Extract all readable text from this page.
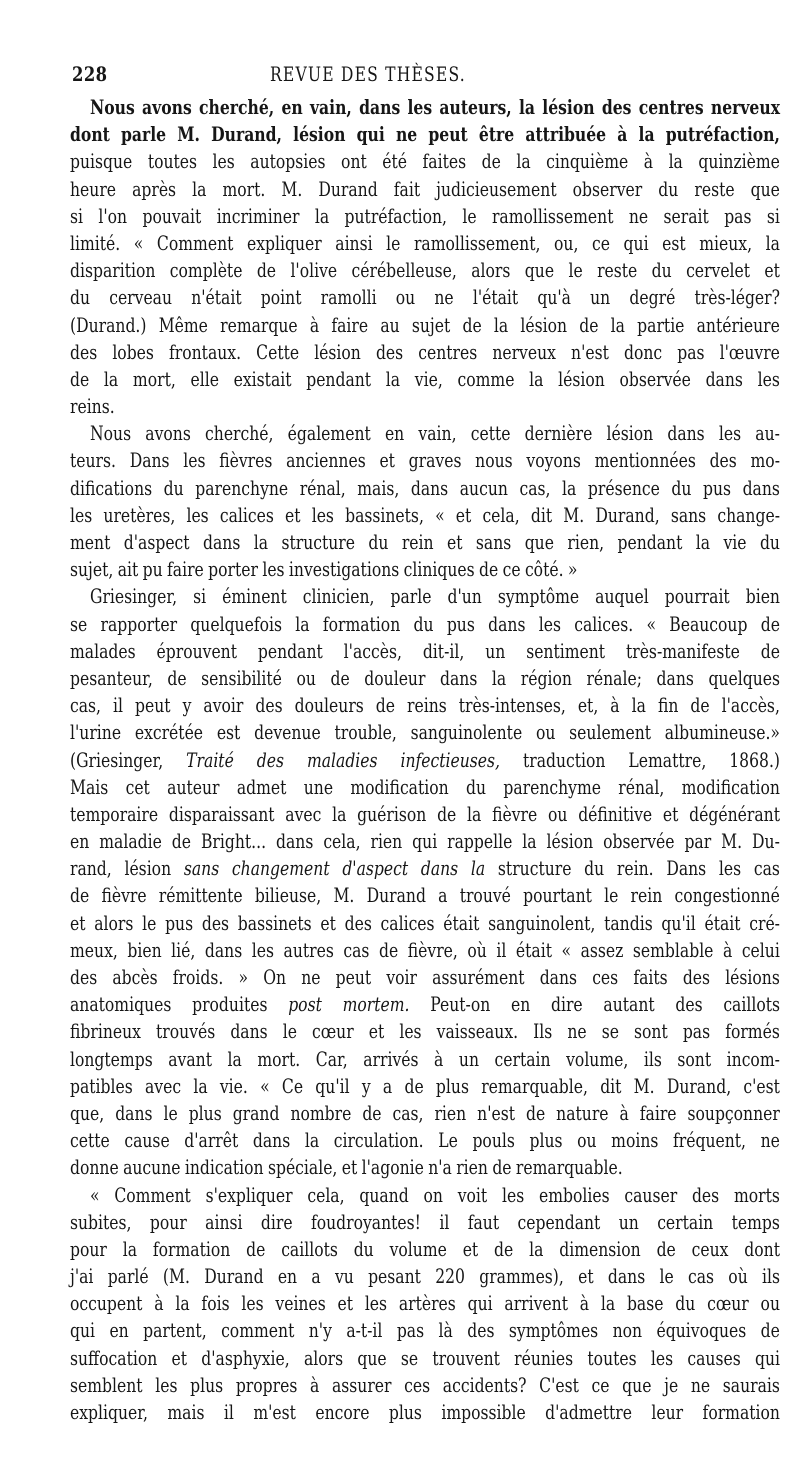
228	REVUE DES THÈSES.
Nous avons cherché, en vain, dans les auteurs, la lésion des centres nerveux
dont parle M. Durand, lésion qui ne peut être attribuée à la putréfaction,
puisque toutes les autopsies ont été faites de la cinquième à la quinzième
heure après la mort. M. Durand fait judicieusement observer du reste que
si l'on pouvait incriminer la putréfaction, le ramollissement ne serait pas si
limité. « Comment expliquer ainsi le ramollissement, ou, ce qui est mieux, la
disparition complète de l'olive cérébelleuse, alors que le reste du cervelet et
du cerveau n'était point ramolli ou ne l'était qu'à un degré très-léger?
(Durand.) Même remarque à faire au sujet de la lésion de la partie antérieure
des lobes frontaux. Cette lésion des centres nerveux n'est donc pas l'œuvre
de la mort, elle existait pendant la vie, comme la lésion observée dans les
reins.
Nous avons cherché, également en vain, cette dernière lésion dans les au-
teurs. Dans les fièvres anciennes et graves nous voyons mentionnées des mo-
difications du parenchyne rénal, mais, dans aucun cas, la présence du pus dans
les uretères, les calices et les bassinets, « et cela, dit M. Durand, sans change-
ment d'aspect dans la structure du rein et sans que rien, pendant la vie du
sujet, ait pu faire porter les investigations cliniques de ce côté. »
Griesinger, si éminent clinicien, parle d'un symptôme auquel pourrait bien
se rapporter quelquefois la formation du pus dans les calices. « Beaucoup de
malades éprouvent pendant l'accès, dit-il, un sentiment très-manifeste de
pesanteur, de sensibilité ou de douleur dans la région rénale; dans quelques
cas, il peut y avoir des douleurs de reins très-intenses, et, à la fin de l'accès,
l'urine excrétée est devenue trouble, sanguinolente ou seulement albumineuse.»
(Griesinger, Traité des maladies infectieuses, traduction Lemattre, 1868.)
Mais cet auteur admet une modification du parenchyme rénal, modification
temporaire disparaissant avec la guérison de la fièvre ou définitive et dégénérant
en maladie de Bright... dans cela, rien qui rappelle la lésion observée par M. Du-
rand, lésion sans changement d'aspect dans la structure du rein. Dans les cas
de fièvre rémittente bilieuse, M. Durand a trouvé pourtant le rein congestionné
et alors le pus des bassinets et des calices était sanguinolent, tandis qu'il était cré-
meux, bien lié, dans les autres cas de fièvre, où il était « assez semblable à celui
des abcès froids. » On ne peut voir assurément dans ces faits des lésions
anatomiques produites post mortem. Peut-on en dire autant des caillots
fibrineux trouvés dans le cœur et les vaisseaux. Ils ne se sont pas formés
longtemps avant la mort. Car, arrivés à un certain volume, ils sont incom-
patibles avec la vie. « Ce qu'il y a de plus remarquable, dit M. Durand, c'est
que, dans le plus grand nombre de cas, rien n'est de nature à faire soupçonner
cette cause d'arrêt dans la circulation. Le pouls plus ou moins fréquent, ne
donne aucune indication spéciale, et l'agonie n'a rien de remarquable.
« Comment s'expliquer cela, quand on voit les embolies causer des morts
subites, pour ainsi dire foudroyantes! il faut cependant un certain temps
pour la formation de caillots du volume et de la dimension de ceux dont
j'ai parlé (M. Durand en a vu pesant 220 grammes), et dans le cas où ils
occupent à la fois les veines et les artères qui arrivent à la base du cœur ou
qui en partent, comment n'y a-t-il pas là des symptômes non équivoques de
suffocation et d'asphyxie, alors que se trouvent réunies toutes les causes qui
semblent les plus propres à assurer ces accidents? C'est ce que je ne saurais
expliquer, mais il m'est encore plus impossible d'admettre leur formation
